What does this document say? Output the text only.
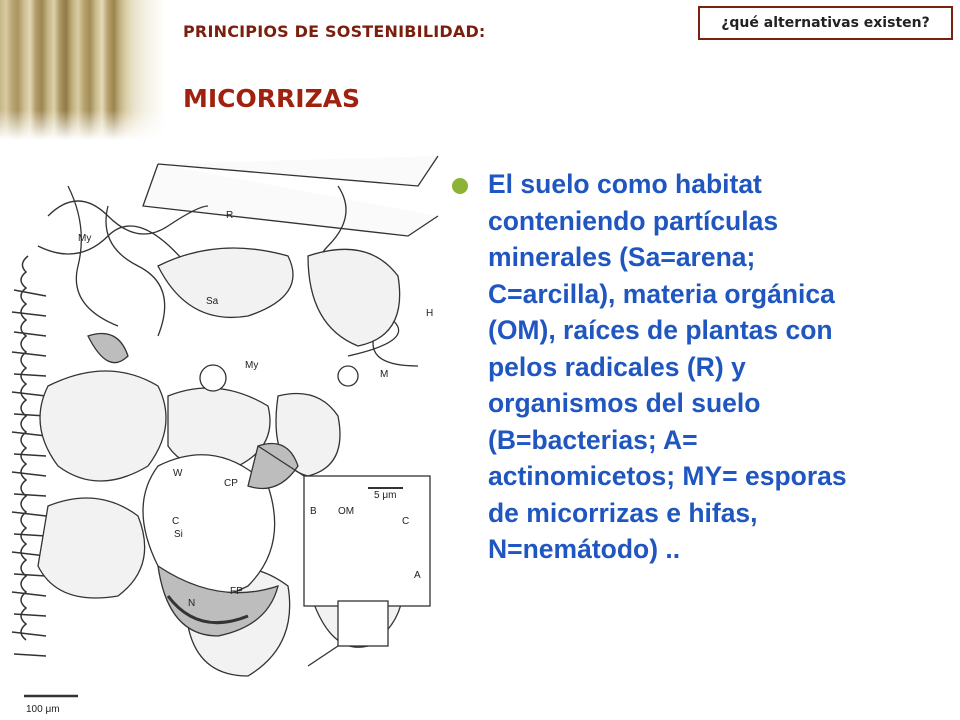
PRINCIPIOS DE SOSTENIBILIDAD:
MICORRIZAS
¿qué alternativas existen?
My
R
Sa
H
My
M
W
CP
5 μm
B OM
C
C
Si
A
FP
N
100 μm
El suelo como habitat
conteniendo partículas
minerales (Sa=arena;
C=arcilla), materia orgánica
(OM), raíces de plantas con
pelos radicales (R) y
organismos del suelo
(B=bacterias; A=
actinomicetos; MY= esporas
de micorrizas e hifas,
N=nemátodo) ..
